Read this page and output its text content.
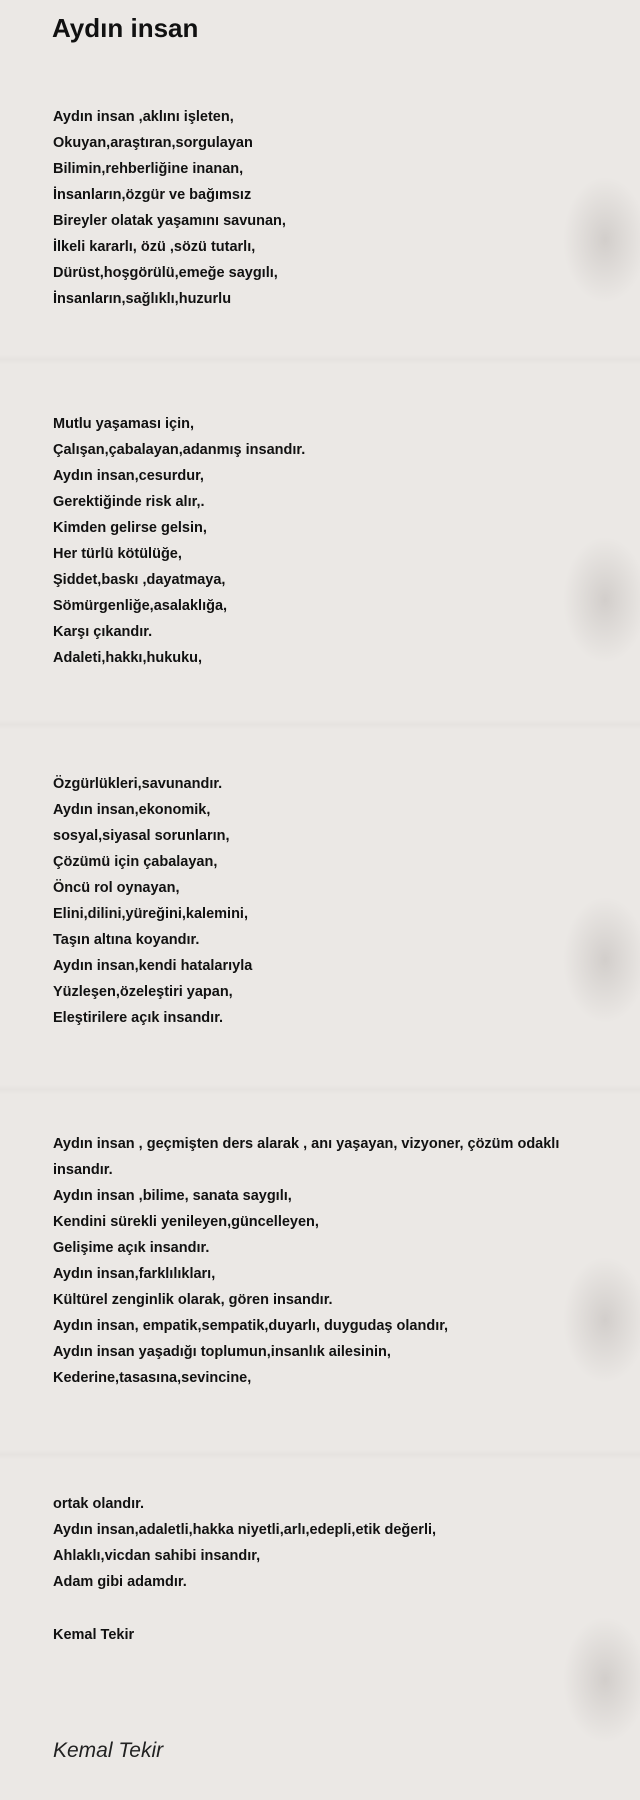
Aydın insan
Aydın insan ,aklını işleten,
Okuyan,araştıran,sorgulayan
Bilimin,rehberliğine inanan,
İnsanların,özgür ve bağımsız
Bireyler olatak yaşamını savunan,
İlkeli kararlı, özü ,sözü tutarlı,
Dürüst,hoşgörülü,emeğe saygılı,
İnsanların,sağlıklı,huzurlu
Mutlu yaşaması için,
Çalışan,çabalayan,adanmış insandır.
Aydın insan,cesurdur,
Gerektiğinde risk alır,.
Kimden gelirse gelsin,
Her türlü kötülüğe,
Şiddet,baskı ,dayatmaya,
Sömürgenliğe,asalaklığa,
Karşı çıkandır.
Adaleti,hakkı,hukuku,
Özgürlükleri,savunandır.
Aydın insan,ekonomik,
sosyal,siyasal sorunların,
Çözümü için çabalayan,
Öncü rol oynayan,
Elini,dilini,yüreğini,kalemini,
Taşın altına koyandır.
Aydın insan,kendi hatalarıyla
Yüzleşen,özeleştiri yapan,
Eleştirilere açık insandır.
Aydın insan , geçmişten ders alarak , anı yaşayan, vizyoner, çözüm odaklı insandır.
Aydın insan ,bilime, sanata saygılı,
Kendini sürekli yenileyen,güncelleyen,
Gelişime açık insandır.
Aydın insan,farklılıkları,
Kültürel zenginlik olarak, gören insandır.
Aydın insan, empatik,sempatik,duyarlı, duygudaş olandır,
Aydın insan yaşadığı toplumun,insanlık ailesinin,
Kederine,tasasına,sevincine,
ortak olandır.
Aydın insan,adaletli,hakka niyetli,arlı,edepli,etik değerli,
Ahlaklı,vicdan sahibi insandır,
Adam gibi adamdır.
Kemal Tekir
Kemal Tekir
